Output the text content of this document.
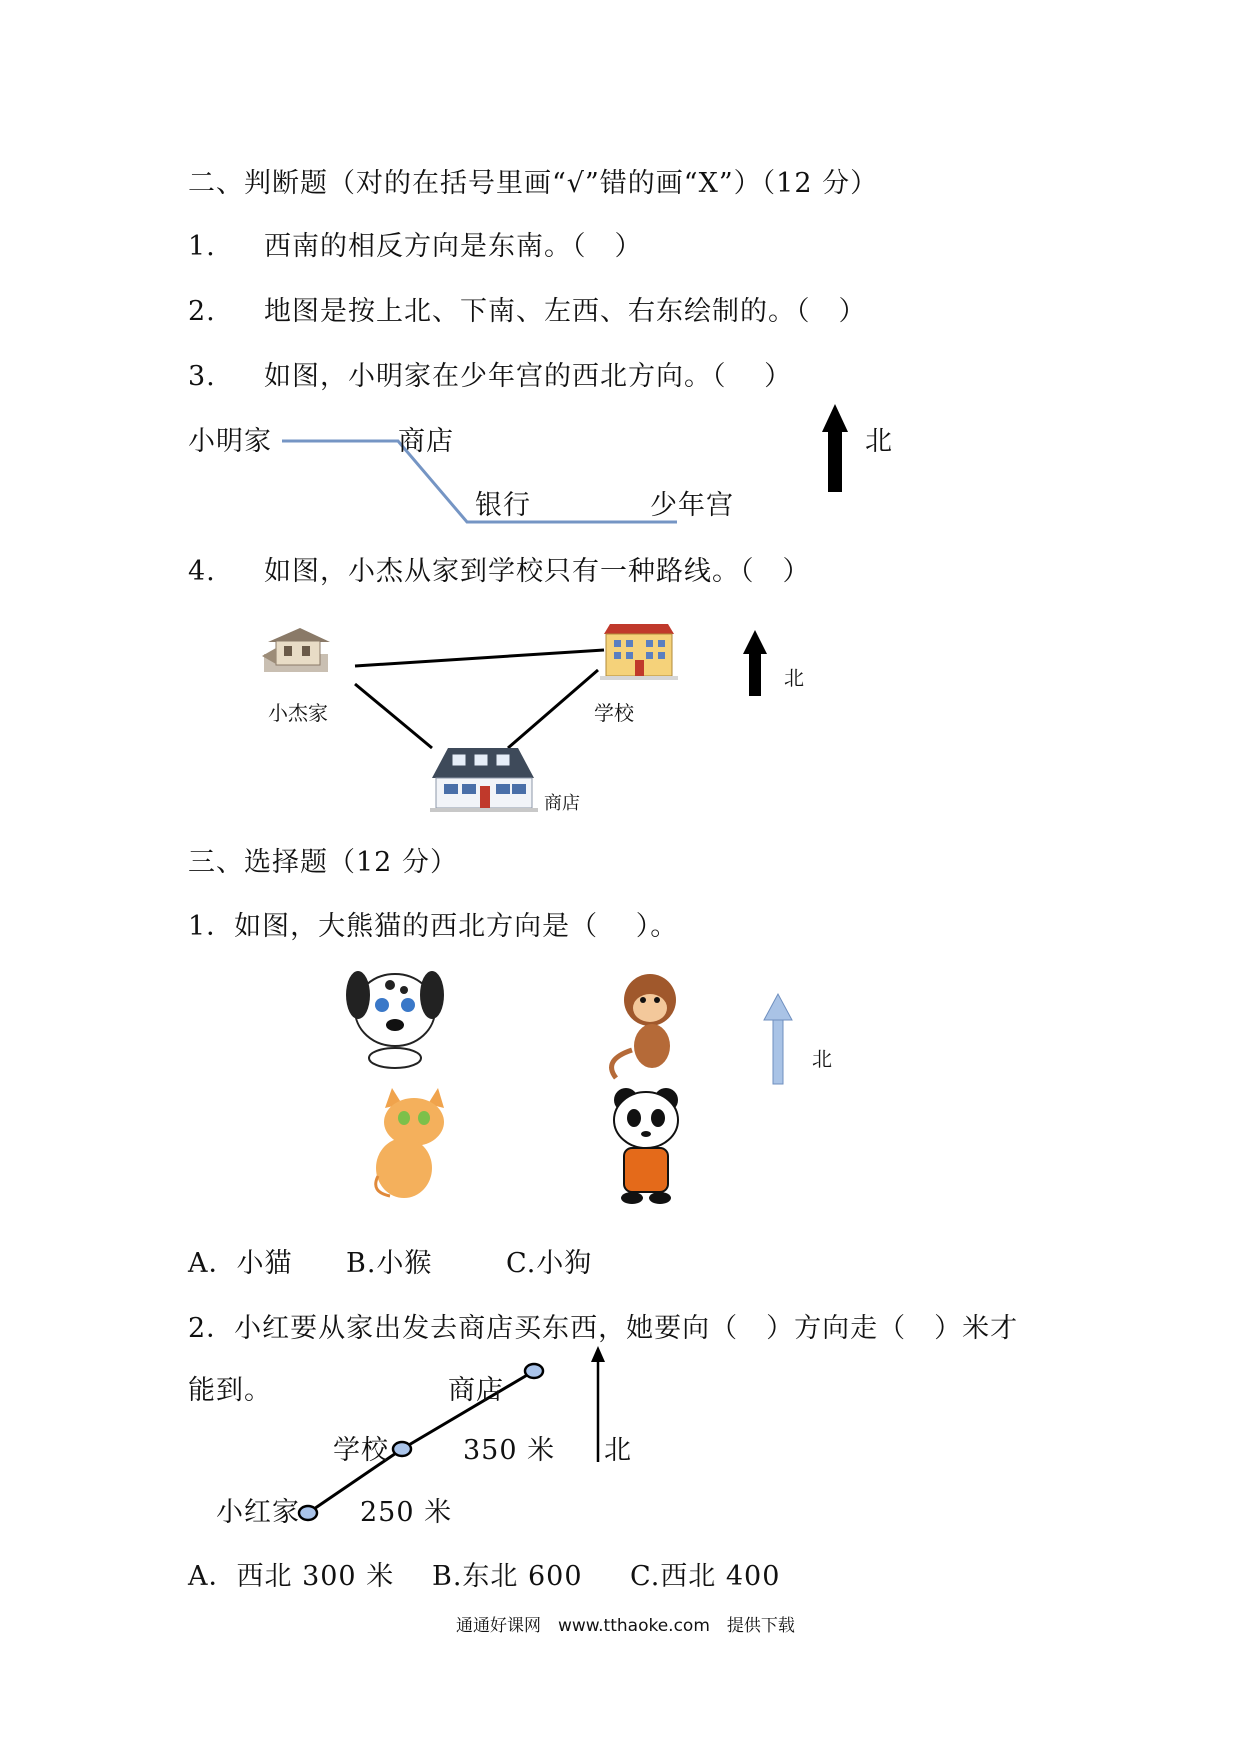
二、判断题（对的在括号里画“√”错的画“X”）（12 分）
1. 西南的相反方向是东南。（　）
2. 地图是按上北、下南、左西、右东绘制的。（　）
3. 如图，小明家在少年宫的西北方向。（　 ）
小明家	商店
银行	少年宫
北
4. 如图，小杰从家到学校只有一种路线。（　）
小杰家	学校
商店
北
三、选择题（12 分）
1．如图，大熊猫的西北方向是（　 ）。
北
A．小猫 B.小猴	C.小狗
2．小红要从家出发去商店买东西，她要向（　）方向走（　）米才
能到。	商店
学校	350 米
小红家 250 米
北
A．西北 300 米 B.东北 600 C.西北 400
通通好课网　www.tthaoke.com　提供下载
